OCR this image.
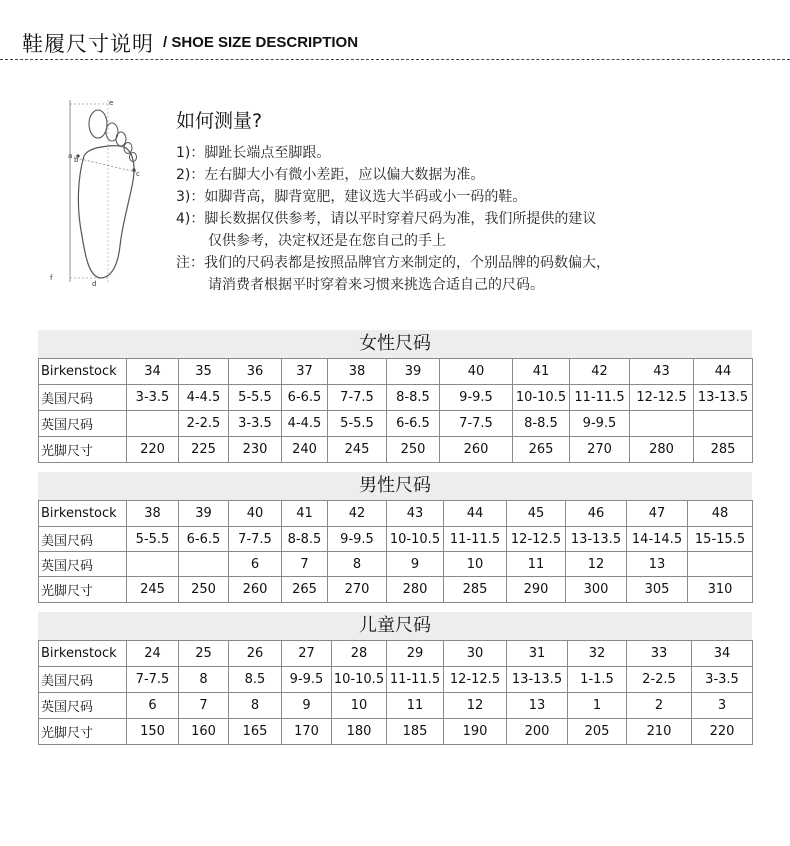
鞋履尺寸说明 / SHOE SIZE DESCRIPTION
a b
c
d
e
f
如何测量?
1)：脚趾长端点至脚跟。
2)：左右脚大小有微小差距，应以偏大数据为准。
3)：如脚背高，脚背宽肥，建议选大半码或小一码的鞋。
4)：脚长数据仅供参考，请以平时穿着尺码为准，我们所提供的建议
仅供参考，决定权还是在您自己的手上
注：我们的尺码表都是按照品牌官方来制定的，个别品牌的码数偏大，
请消费者根据平时穿着来习惯来挑选合适自己的尺码。
女性尺码
Birkenstock	34	35	36	37	38	39	40	41	42	43	44
美国尺码	3-3.5	4-4.5	5-5.5	6-6.5	7-7.5	8-8.5	9-9.5	10-10.5	11-11.5	12-12.5	13-13.5
英国尺码		2-2.5	3-3.5	4-4.5	5-5.5	6-6.5	7-7.5	8-8.5	9-9.5		
光脚尺寸	220	225	230	240	245	250	260	265	270	280	285
男性尺码
Birkenstock	38	39	40	41	42	43	44	45	46	47	48
美国尺码	5-5.5	6-6.5	7-7.5	8-8.5	9-9.5	10-10.5	11-11.5	12-12.5	13-13.5	14-14.5	15-15.5
英国尺码			6	7	8	9	10	11	12	13	
光脚尺寸	245	250	260	265	270	280	285	290	300	305	310
儿童尺码
Birkenstock	24	25	26	27	28	29	30	31	32	33	34
美国尺码	7-7.5	8	8.5	9-9.5	10-10.5	11-11.5	12-12.5	13-13.5	1-1.5	2-2.5	3-3.5
英国尺码	6	7	8	9	10	11	12	13	1	2	3
光脚尺寸	150	160	165	170	180	185	190	200	205	210	220
